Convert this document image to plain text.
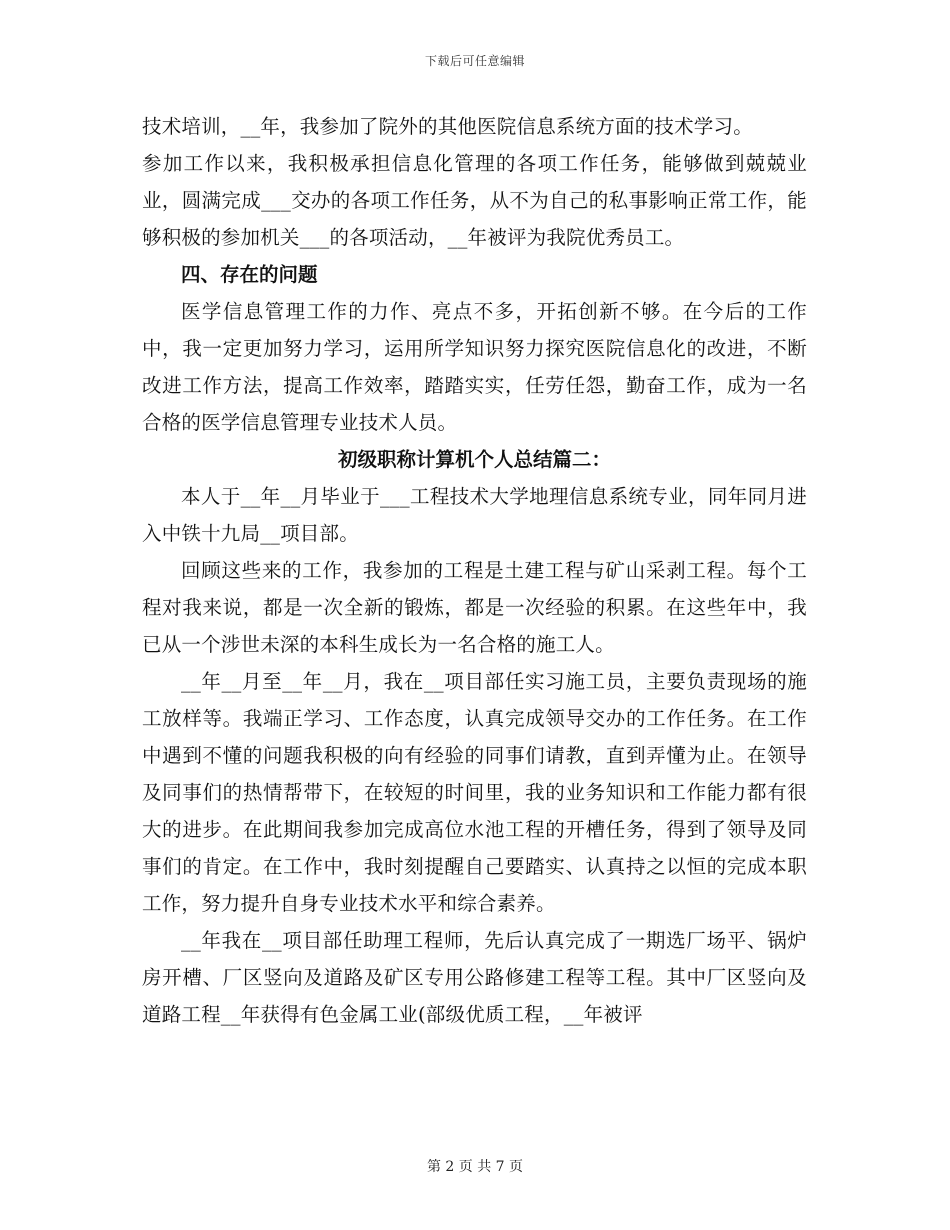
下载后可任意编辑

技术培训，__年，我参加了院外的其他医院信息系统方面的技术学习。

参加工作以来，我积极承担信息化管理的各项工作任务，能够做到兢兢业业，圆满完成___交办的各项工作任务，从不为自己的私事影响正常工作，能够积极的参加机关___的各项活动，__年被评为我院优秀员工。

四、存在的问题

医学信息管理工作的力作、亮点不多，开拓创新不够。在今后的工作中，我一定更加努力学习，运用所学知识努力探究医院信息化的改进，不断改进工作方法，提高工作效率，踏踏实实，任劳任怨，勤奋工作，成为一名合格的医学信息管理专业技术人员。

初级职称计算机个人总结篇二：

本人于__年__月毕业于___工程技术大学地理信息系统专业，同年同月进入中铁十九局__项目部。

回顾这些来的工作，我参加的工程是土建工程与矿山采剥工程。每个工程对我来说，都是一次全新的锻炼，都是一次经验的积累。在这些年中，我已从一个涉世未深的本科生成长为一名合格的施工人。

__年__月至__年__月，我在__项目部任实习施工员，主要负责现场的施工放样等。我端正学习、工作态度，认真完成领导交办的工作任务。在工作中遇到不懂的问题我积极的向有经验的同事们请教，直到弄懂为止。在领导及同事们的热情帮带下，在较短的时间里，我的业务知识和工作能力都有很大的进步。在此期间我参加完成高位水池工程的开槽任务，得到了领导及同事们的肯定。在工作中，我时刻提醒自己要踏实、认真持之以恒的完成本职工作，努力提升自身专业技术水平和综合素养。

__年我在__项目部任助理工程师，先后认真完成了一期选厂场平、锅炉房开槽、厂区竖向及道路及矿区专用公路修建工程等工程。其中厂区竖向及道路工程__年获得有色金属工业(部级优质工程，__年被评

第 2 页 共 7 页
